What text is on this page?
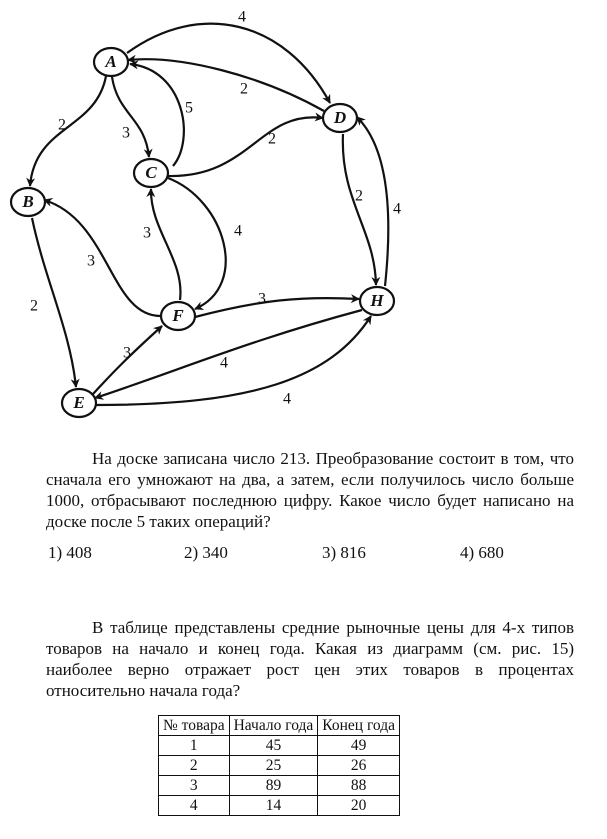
4
2
2	3
5
2
4
3
3
2
3
3
2
4
4
4
A
B
C
D
E
F
H
На доске записана число 213. Преобразование состоит в том, что сначала его умножают на два, а затем, если получилось число больше 1000, отбрасывают последнюю цифру. Какое число будет написано на доске после 5 таких операций?
1) 408	2) 340	3) 816	4) 680
В таблице представлены средние рыночные цены для 4-х типов товаров на начало и конец года. Какая из диаграмм (см. рис. 15) наиболее верно отражает рост цен этих товаров в процентах относительно начала года?
№ товара	Начало года	Конец года
1	45	49
2	25	26
3	89	88
4	14	20
